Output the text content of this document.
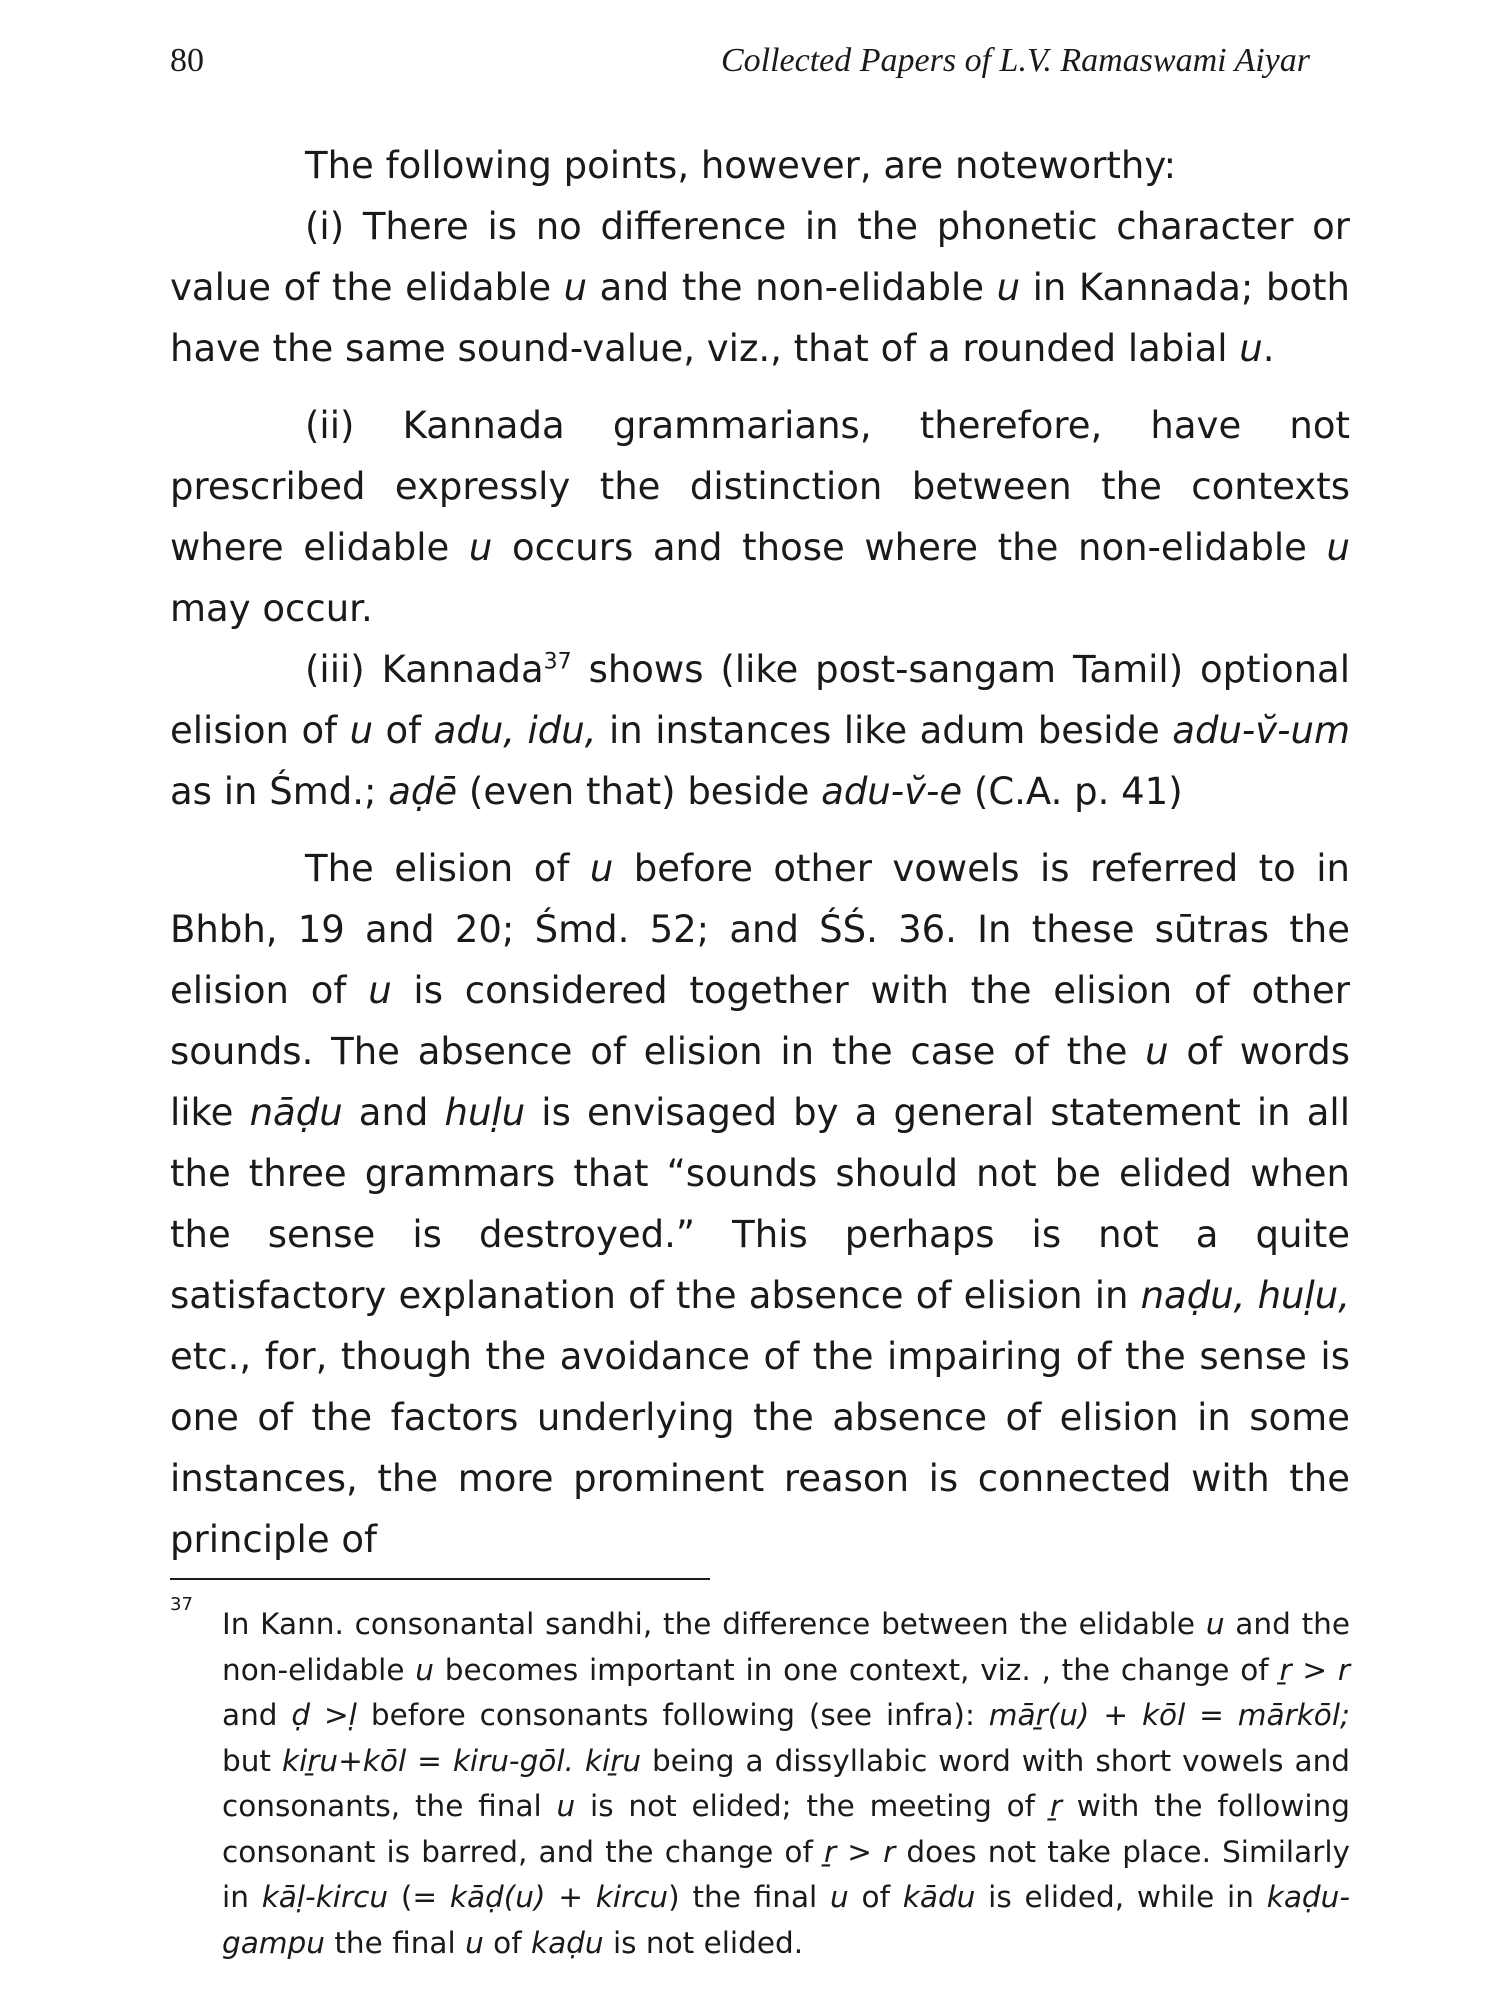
80	Collected Papers of L.V. Ramaswami Aiyar

The following points, however, are noteworthy:

(i) There is no difference in the phonetic character or value of the elidable u and the non-elidable u in Kannada; both have the same sound-value, viz., that of a rounded labial u.

(ii) Kannada grammarians, therefore, have not prescribed expressly the distinction between the contexts where elidable u occurs and those where the non-elidable u may occur.

(iii) Kannada$^{37}$ shows (like post-sangam Tamil) optional elision of u of adu, idu, in instances like adum beside adu-v̆-um as in Śmd.; aḍē (even that) beside adu-v̆-e (C.A. p. 41)

The elision of u before other vowels is referred to in Bhbh, 19 and 20; Śmd. 52; and ŚŚ. 36. In these sūtras the elision of u is considered together with the elision of other sounds. The absence of elision in the case of the u of words like nāḍu and huḷu is envisaged by a general statement in all the three grammars that “sounds should not be elided when the sense is destroyed.” This perhaps is not a quite satisfactory explanation of the absence of elision in naḍu, huḷu, etc., for, though the avoidance of the impairing of the sense is one of the factors underlying the absence of elision in some instances, the more prominent reason is connected with the principle of

37
In Kann. consonantal sandhi, the difference between the elidable u and the non-elidable u becomes important in one context, viz. , the change of ṟ > r and ḍ >ḷ before consonants following (see infra): māṟ(u) + kōl = mārkōl; but kiṟu+kōl = kiru-gōl. kiṟu being a dissyllabic word with short vowels and consonants, the final u is not elided; the meeting of ṟ with the following consonant is barred, and the change of ṟ > r does not take place. Similarly in kāḷ-kircu (= kāḍ(u) + kircu) the final u of kādu is elided, while in kaḍu-gampu the final u of kaḍu is not elided.
